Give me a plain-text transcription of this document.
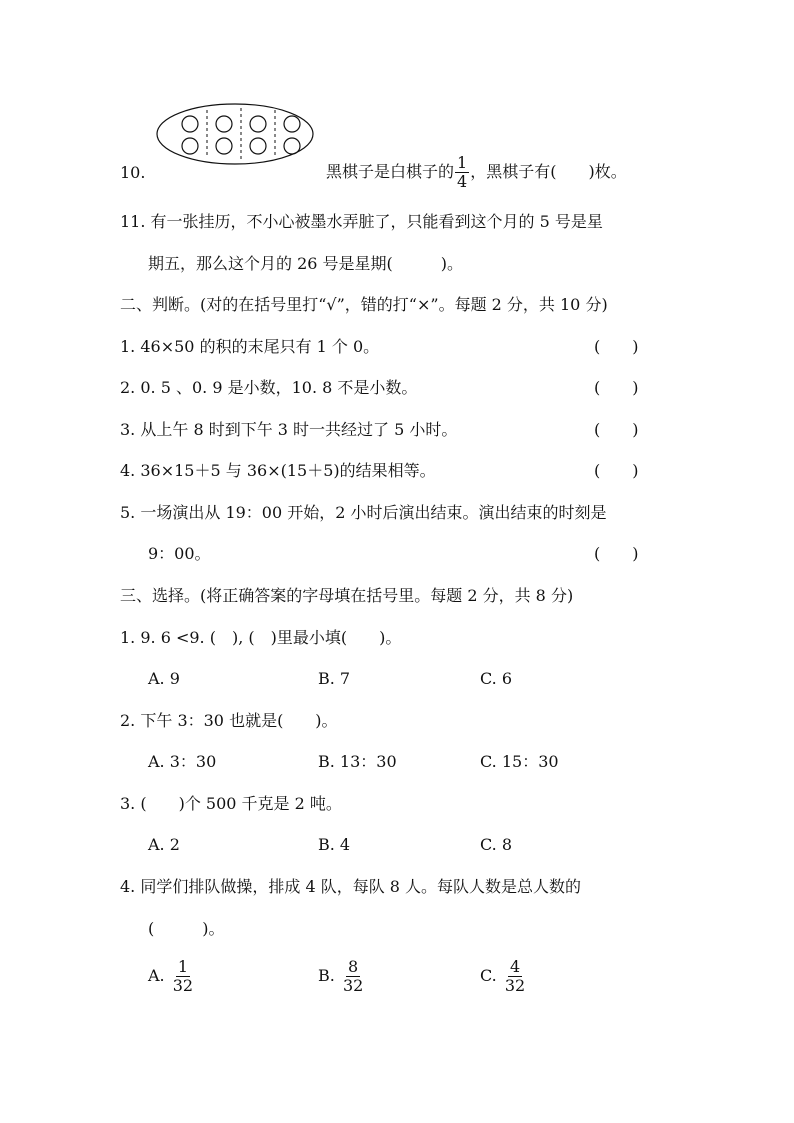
10.	黑棋子是白棋子的 $\frac{1}{4}$ ，黑棋子有(　　)枚。
11. 有一张挂历，不小心被墨水弄脏了，只能看到这个月的 5 号是星
期五，那么这个月的 26 号是星期(　　　)。
二、判断。(对的在括号里打“√”，错的打“×”。每题 2 分，共 10 分)
1. 46×50 的积的末尾只有 1 个 0。	(　　)
2. 0. 5 、0. 9 是小数，10. 8 不是小数。	(　　)
3. 从上午 8 时到下午 3 时一共经过了 5 小时。	(　　)
4. 36×15＋5 与 36×(15＋5)的结果相等。	(　　)
5. 一场演出从 19：00 开始，2 小时后演出结束。演出结束的时刻是
9：00。	(　　)
三、选择。(将正确答案的字母填在括号里。每题 2 分，共 8 分)
1. 9. 6 <9. (　), (　)里最小填(　　)。
A. 9	B. 7	C. 6
2. 下午 3：30 也就是(　　)。
A. 3：30	B. 13：30	C. 15：30
3. (　　)个 500 千克是 2 吨。
A. 2	B. 4	C. 8
4. 同学们排队做操，排成 4 队，每队 8 人。每队人数是总人数的
(　　　)。
A. $\frac{1}{32}$	B. $\frac{8}{32}$	C. $\frac{4}{32}$
